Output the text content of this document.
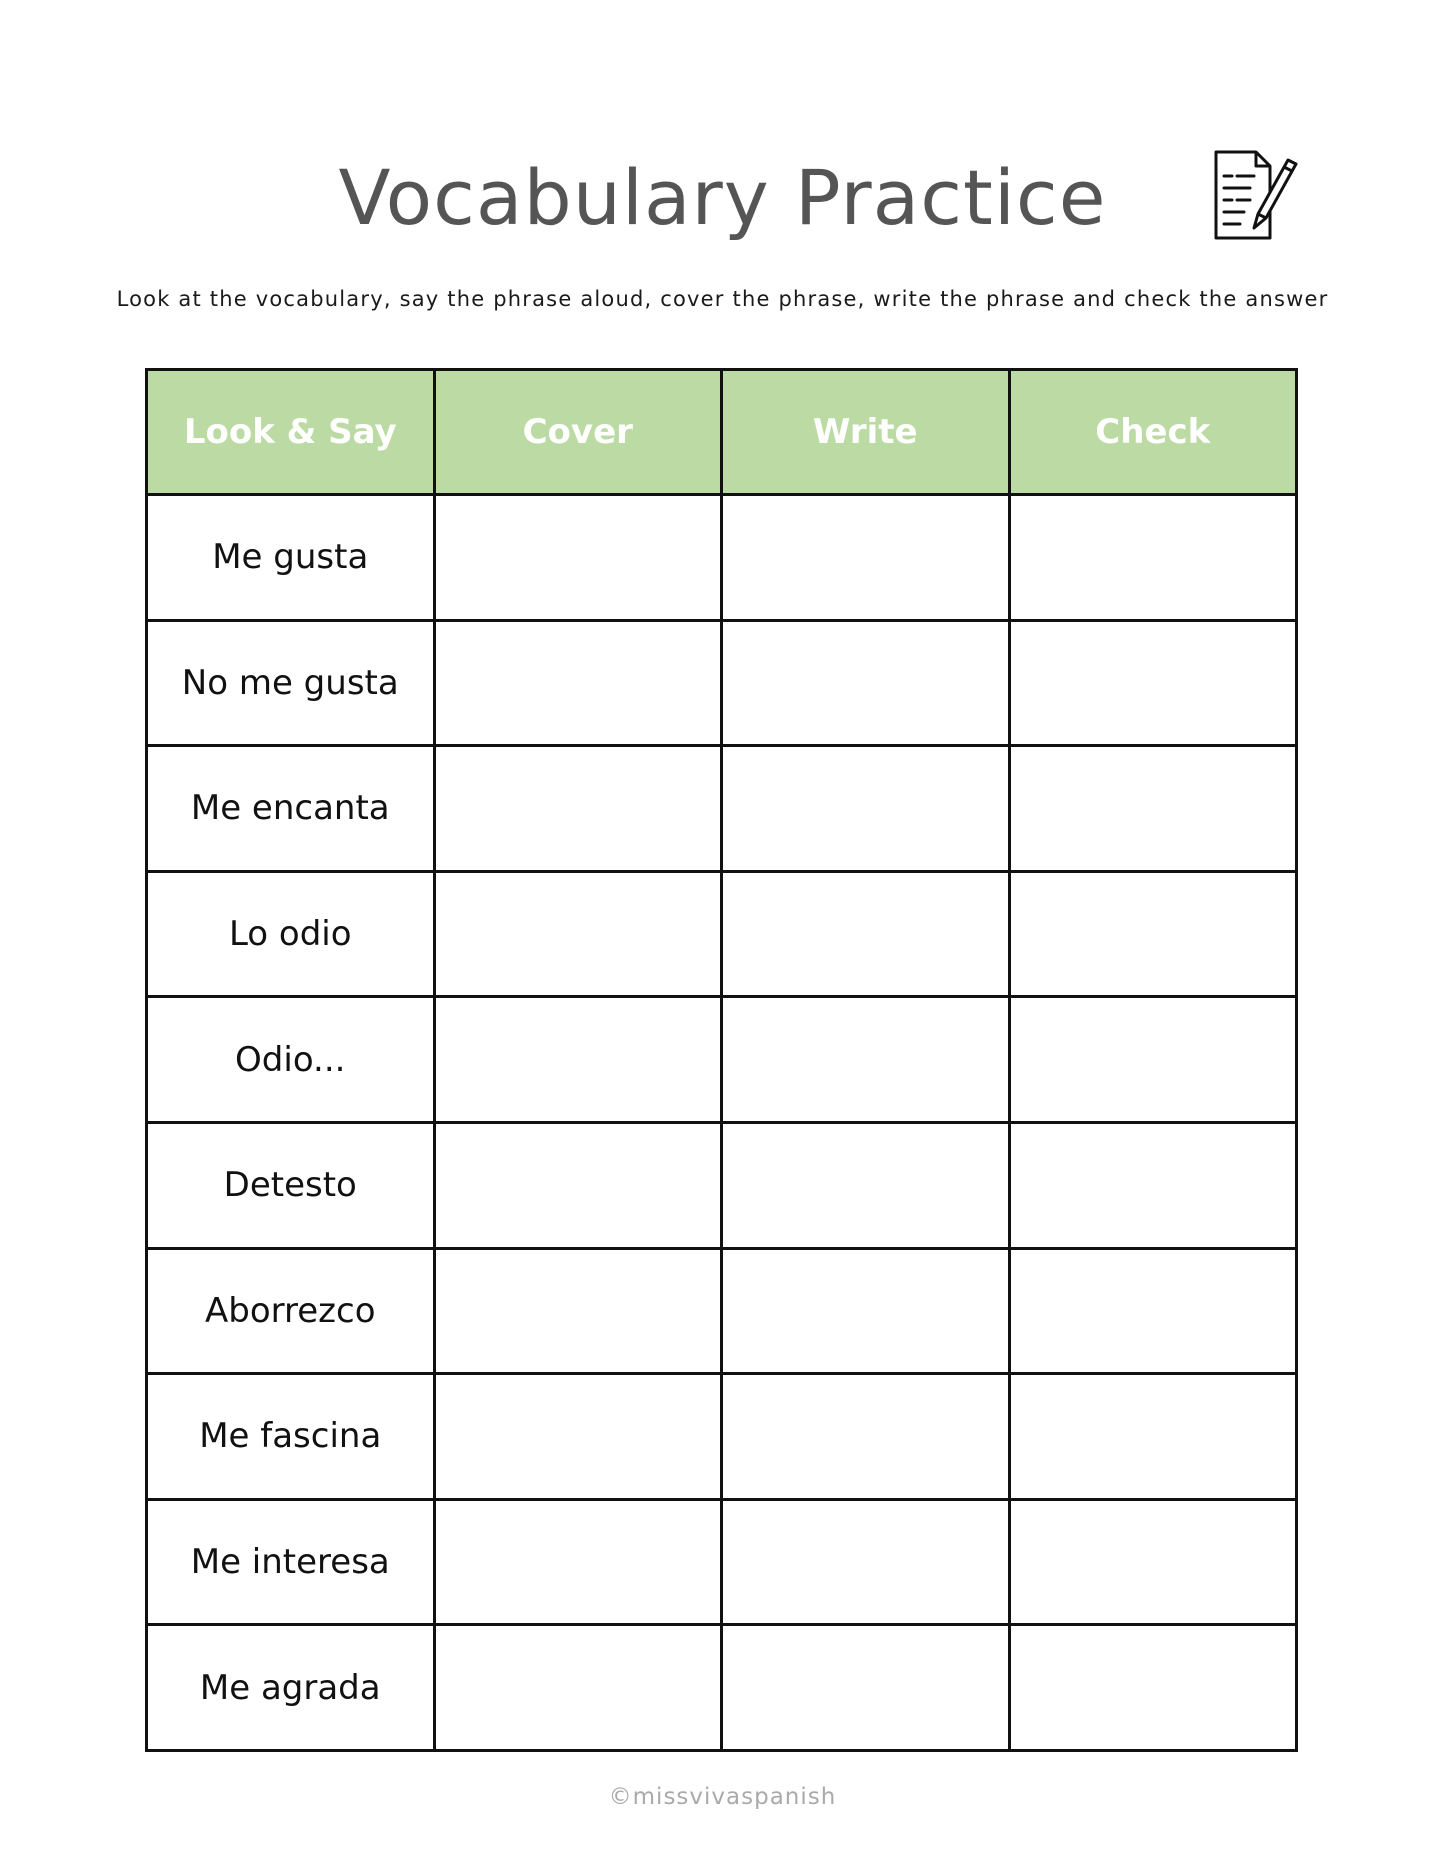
Vocabulary Practice
Look at the vocabulary, say the phrase aloud, cover the phrase, write the phrase and check the answer
Look & Say	Cover	Write	Check
Me gusta			
No me gusta			
Me encanta			
Lo odio			
Odio...			
Detesto			
Aborrezco			
Me fascina			
Me interesa			
Me agrada			
©missvivaspanish
